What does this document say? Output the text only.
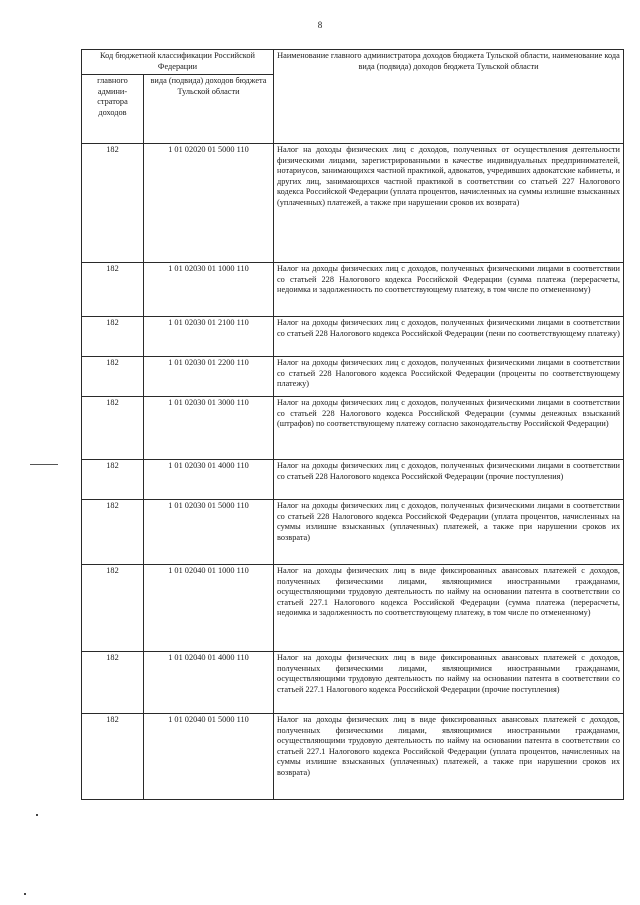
8
Код бюджетной классификации Российской Федерации		Наименование главного администратора доходов бюджета Тульской области, наименование кода вида (подвида) доходов бюджета Тульской области
главного админи-стратора доходов	вида (подвида) доходов бюджета Тульской области	
182	1 01 02020 01 5000 110	Налог на доходы физических лиц с доходов, полученных от осуществления деятельности физическими лицами, зарегистрированными в качестве индивидуальных предпринимателей, нотариусов, занимающихся частной практикой, адвокатов, учредивших адвокатские кабинеты, и других лиц, занимающихся частной практикой в соответствии со статьей 227 Налогового кодекса Российской Федерации (уплата процентов, начисленных на суммы излишне взысканных (уплаченных) платежей, а также при нарушении сроков их возврата)
182	1 01 02030 01 1000 110	Налог на доходы физических лиц с доходов, полученных физическими лицами в соответствии со статьей 228 Налогового кодекса Российской Федерации (сумма платежа (перерасчеты, недоимка и задолженность по соответствующему платежу, в том числе по отмененному)
182	1 01 02030 01 2100 110	Налог на доходы физических лиц с доходов, полученных физическими лицами в соответствии со статьей 228 Налогового кодекса Российской Федерации (пени по соответствующему платежу)
182	1 01 02030 01 2200 110	Налог на доходы физических лиц с доходов, полученных физическими лицами в соответствии со статьей 228 Налогового кодекса Российской Федерации (проценты по соответствующему платежу)
182	1 01 02030 01 3000 110	Налог на доходы физических лиц с доходов, полученных физическими лицами в соответствии со статьей 228 Налогового кодекса Российской Федерации (суммы денежных взысканий (штрафов) по соответствующему платежу согласно законодательству Российской Федерации)
182	1 01 02030 01 4000 110	Налог на доходы физических лиц с доходов, полученных физическими лицами в соответствии со статьей 228 Налогового кодекса Российской Федерации (прочие поступления)
182	1 01 02030 01 5000 110	Налог на доходы физических лиц с доходов, полученных физическими лицами в соответствии со статьей 228 Налогового кодекса Российской Федерации (уплата процентов, начисленных на суммы излишне взысканных (уплаченных) платежей, а также при нарушении сроков их возврата)
182	1 01 02040 01 1000 110	Налог на доходы физических лиц в виде фиксированных авансовых платежей с доходов, полученных физическими лицами, являющимися иностранными гражданами, осуществляющими трудовую деятельность по найму на основании патента в соответствии со статьей 227.1 Налогового кодекса Российской Федерации (сумма платежа (перерасчеты, недоимка и задолженность по соответствующему платежу, в том числе по отмененному)
182	1 01 02040 01 4000 110	Налог на доходы физических лиц в виде фиксированных авансовых платежей с доходов, полученных физическими лицами, являющимися иностранными гражданами, осуществляющими трудовую деятельность по найму на основании патента в соответствии со статьей 227.1 Налогового кодекса Российской Федерации (прочие поступления)
182	1 01 02040 01 5000 110	Налог на доходы физических лиц в виде фиксированных авансовых платежей с доходов, полученных физическими лицами, являющимися иностранными гражданами, осуществляющими трудовую деятельность по найму на основании патента в соответствии со статьей 227.1 Налогового кодекса Российской Федерации (уплата процентов, начисленных на суммы излишне взысканных (уплаченных) платежей, а также при нарушении сроков их возврата)
